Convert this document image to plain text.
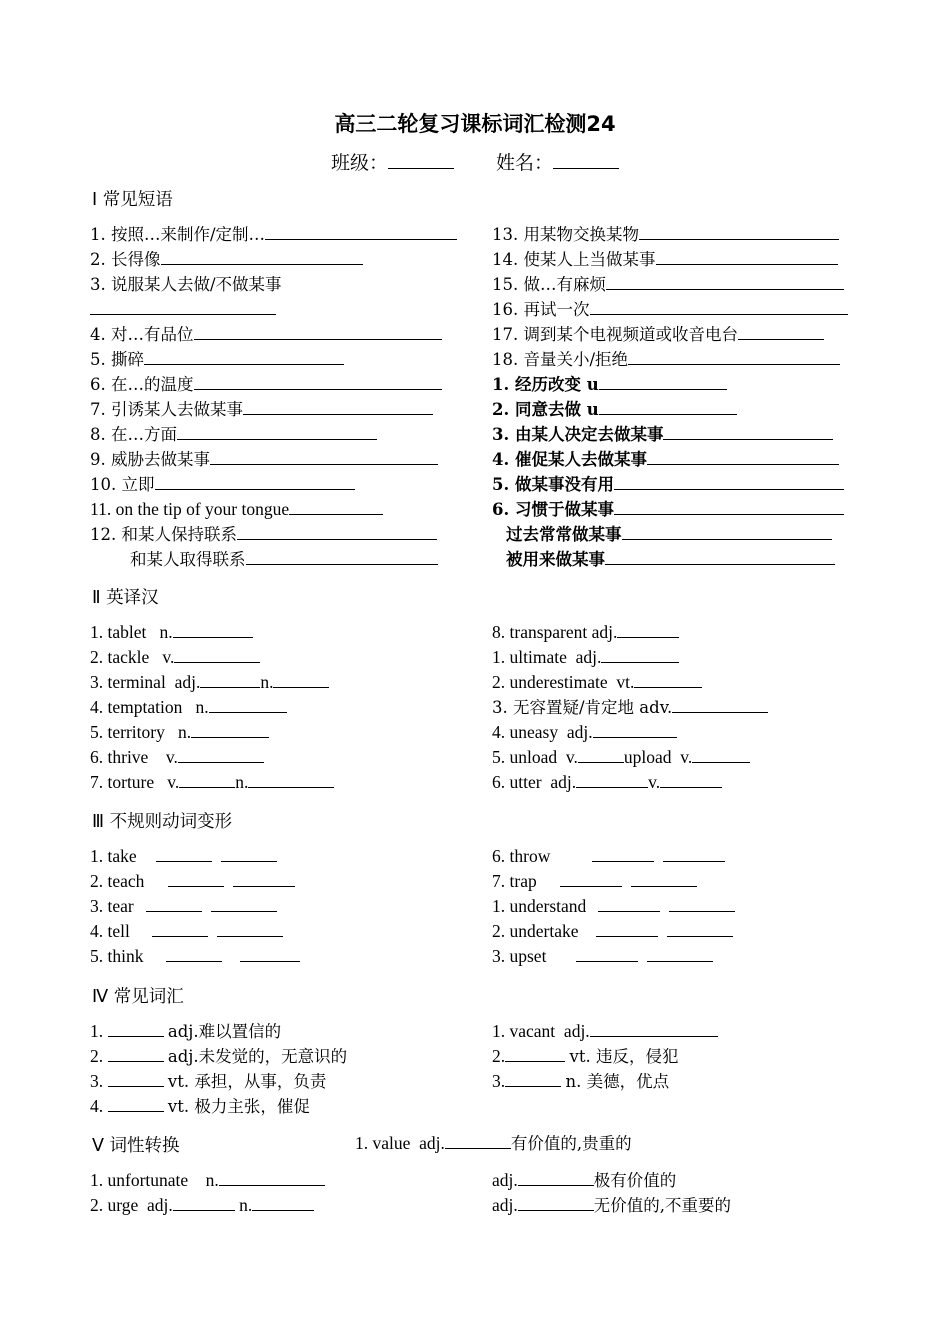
高三二轮复习课标词汇检测24
班级：	姓名：
Ⅰ 常见短语
1. 按照…来制作/定制…
2. 长得像
3. 说服某人去做/不做某事
4. 对…有品位
5. 撕碎
6. 在…的温度
7. 引诱某人去做某事
8. 在…方面
9. 威胁去做某事
10. 立即
11. on the tip of your tongue
12. 和某人保持联系
和某人取得联系
13. 用某物交换某物
14. 使某人上当做某事
15. 做…有麻烦
16. 再试一次
17. 调到某个电视频道或收音电台
18. 音量关小/拒绝
1. 经历改变 u
2. 同意去做 u
3. 由某人决定去做某事
4. 催促某人去做某事
5. 做某事没有用
6. 习惯于做某事
过去常常做某事
被用来做某事
Ⅱ 英译汉
1. tablet n.
2. tackle v.
3. terminal adj.	n.
4. temptation n.
5. territory n.
6. thrive v.
7. torture v.	n.
8. transparent adj.
1. ultimate adj.
2. underestimate vt.
3. 无容置疑/肯定地 adv.
4. uneasy adj.
5. unload v.	upload v.
6. utter adj.	v.
Ⅲ 不规则动词变形
1. take
2. teach
3. tear
4. tell
5. think
6. throw
7. trap
1. understand
2. undertake
3. upset
Ⅳ 常见词汇
1.	adj.难以置信的
2.	adj.未发觉的，无意识的
3.	vt. 承担，从事，负责
4.	vt. 极力主张，催促
1. vacant adj.
2.	vt. 违反，侵犯
3.	n. 美德，优点
Ⅴ 词性转换	1. value adj.	有价值的,贵重的
1. unfortunate n.
2. urge adj.	n.
adj.	极有价值的
adj.	无价值的,不重要的
